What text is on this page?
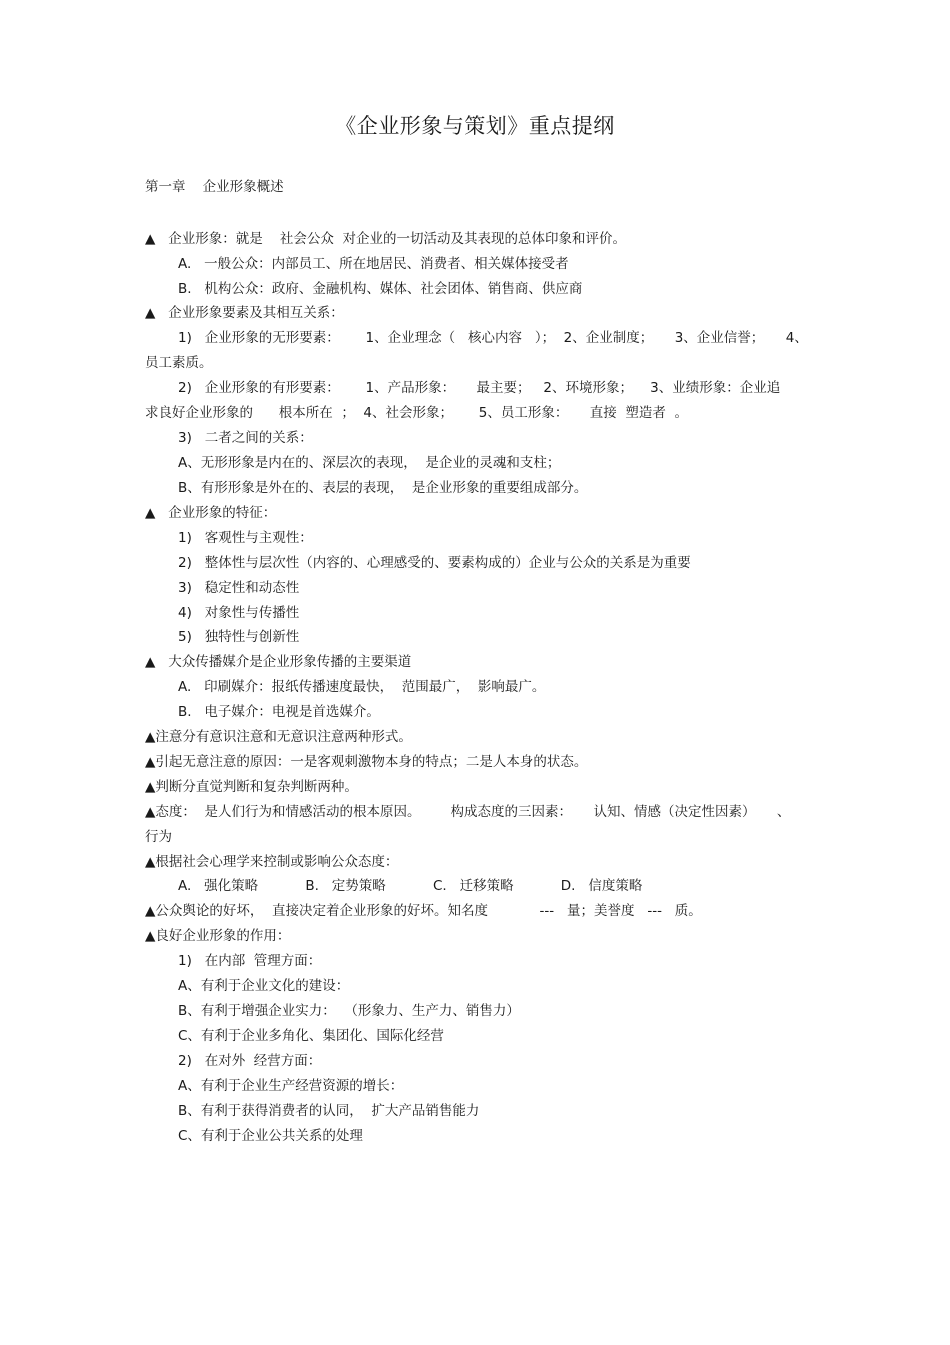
《企业形象与策划》重点提纲
第一章    企业形象概述
▲   企业形象：就是    社会公众  对企业的一切活动及其表现的总体印象和评价。
A.   一般公众：内部员工、所在地居民、消费者、相关媒体接受者
B.   机构公众：政府、金融机构、媒体、社会团体、销售商、供应商
▲   企业形象要素及其相互关系：
1)   企业形象的无形要素：      1、企业理念（   核心内容   ）；  2、企业制度；     3、企业信誉；     4、
员工素质。
2)   企业形象的有形要素：      1、产品形象：     最主要；   2、环境形象；    3、业绩形象：企业追
求良好企业形象的      根本所在  ；  4、社会形象；      5、员工形象：     直接  塑造者  。
3)   二者之间的关系：
A、无形形象是内在的、深层次的表现，  是企业的灵魂和支柱；
B、有形形象是外在的、表层的表现，  是企业形象的重要组成部分。
▲   企业形象的特征：
1)   客观性与主观性：
2)   整体性与层次性（内容的、心理感受的、要素构成的）企业与公众的关系是为重要
3)   稳定性和动态性
4)   对象性与传播性
5)   独特性与创新性
▲   大众传播媒介是企业形象传播的主要渠道
A.   印刷媒介：报纸传播速度最快，  范围最广，  影响最广。
B.   电子媒介：电视是首选媒介。
▲注意分有意识注意和无意识注意两种形式。
▲引起无意注意的原因：一是客观刺激物本身的特点；二是人本身的状态。
▲判断分直觉判断和复杂判断两种。
▲态度：  是人们行为和情感活动的根本原因。       构成态度的三因素：     认知、情感（决定性因素）     、
行为
▲根据社会心理学来控制或影响公众态度：
A.   强化策略           B.   定势策略           C.   迁移策略           D.   信度策略
▲公众舆论的好坏，  直接决定着企业形象的好坏。知名度            ---   量；美誉度   ---   质。
▲良好企业形象的作用：
1)   在内部  管理方面：
A、有利于企业文化的建设：
B、有利于增强企业实力：  （形象力、生产力、销售力）
C、有利于企业多角化、集团化、国际化经营
2)   在对外  经营方面：
A、有利于企业生产经营资源的增长：
B、有利于获得消费者的认同，  扩大产品销售能力
C、有利于企业公共关系的处理
